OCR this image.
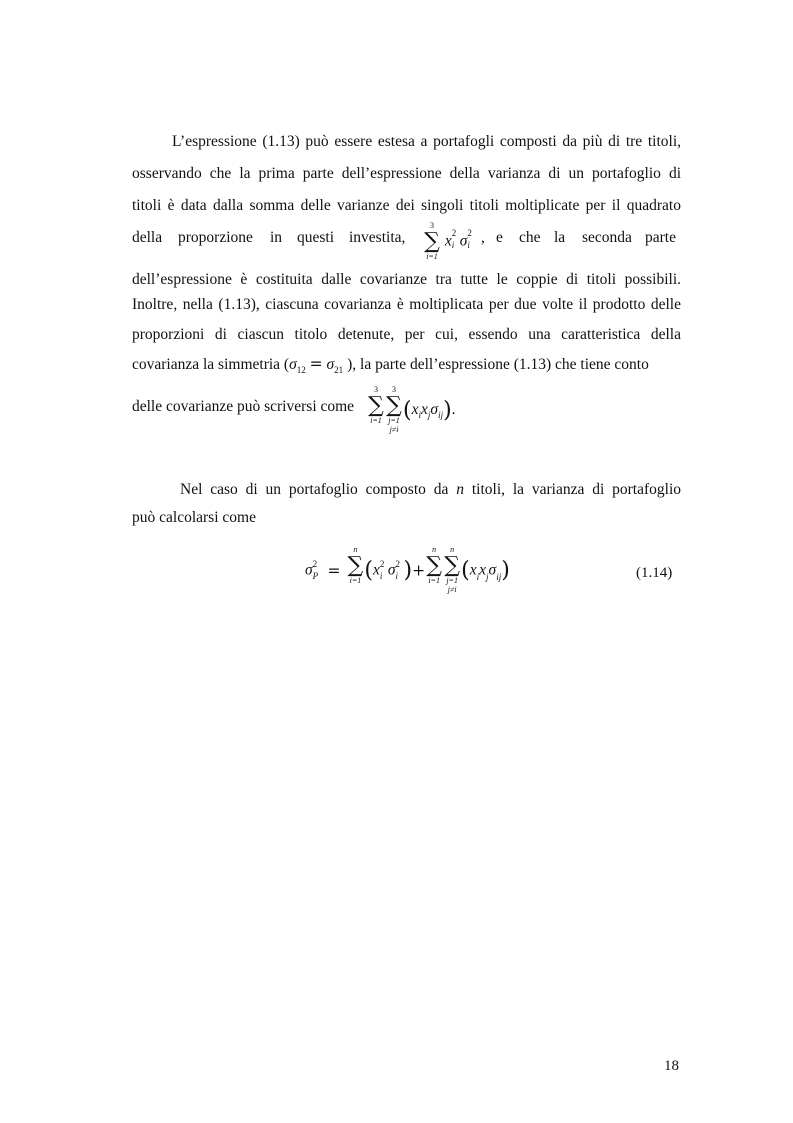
L’espressione (1.13) può essere estesa a portafogli composti da più di tre titoli,
osservando che la prima parte dell’espressione della varianza di un portafoglio di
titoli è data dalla somma delle varianze dei singoli titoli moltiplicate per il quadrato
della proporzione in questi investita,
3
∑
i=1
x 2
i σ 2
i , e che la seconda parte
dell’espressione è costituita dalle covarianze tra tutte le coppie di titoli possibili.
Inoltre, nella (1.13), ciascuna covarianza è moltiplicata per due volte il prodotto delle
proporzioni di ciascun titolo detenute, per cui, essendo una caratteristica della
covarianza la simmetria ($\sigma_{12} = \sigma_{21}$ ), la parte dell’espressione (1.13) che tiene conto
delle covarianze può scriversi come
3
∑
i=1
3
∑
j=1
j≠i
$(x_ix_j\sigma_{ij})$.
Nel caso di un portafoglio composto da n titoli, la varianza di portafoglio
può calcolarsi come
σ 2
P =
n
∑
i=1 (x 2
i σ 2
i )+
n
∑
i=1
n
∑
j=1
j≠i
$(x_ix_j\sigma_{ij})$	(1.14)
18
